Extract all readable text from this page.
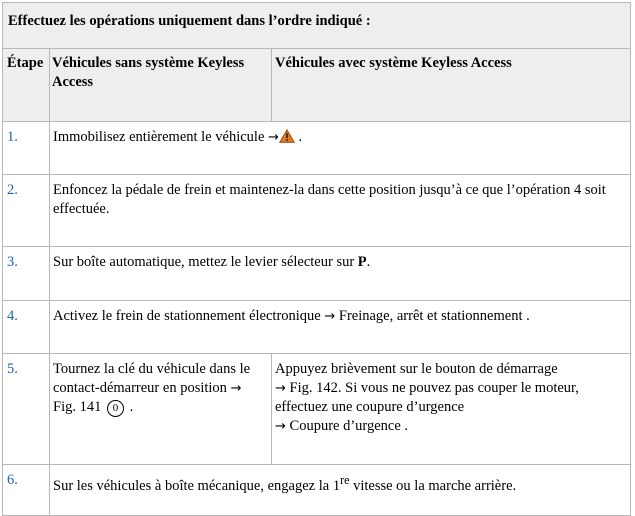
Effectuez les opérations uniquement dans l’ordre indiqué :		
Étape	Véhicules sans système Keyless Access	Véhicules avec système Keyless Access
1.	Immobilisez entièrement le véhicule → .	
2.	Enfoncez la pédale de frein et maintenez-la dans cette position jusqu’à ce que l’opération 4 soit effectuée.	
3.	Sur boîte automatique, mettez le levier sélecteur sur P.	
4.	Activez le frein de stationnement électronique → Freinage, arrêt et stationnement .	
5.	Tournez la clé du véhicule dans le contact-démarreur en position → Fig. 141 0 .	Appuyez brièvement sur le bouton de démarrage
→ Fig. 142. Si vous ne pouvez pas couper le moteur, effectuez une coupure d’urgence
→ Coupure d’urgence .
6.	Sur les véhicules à boîte mécanique, engagez la 1re vitesse ou la marche arrière.	
